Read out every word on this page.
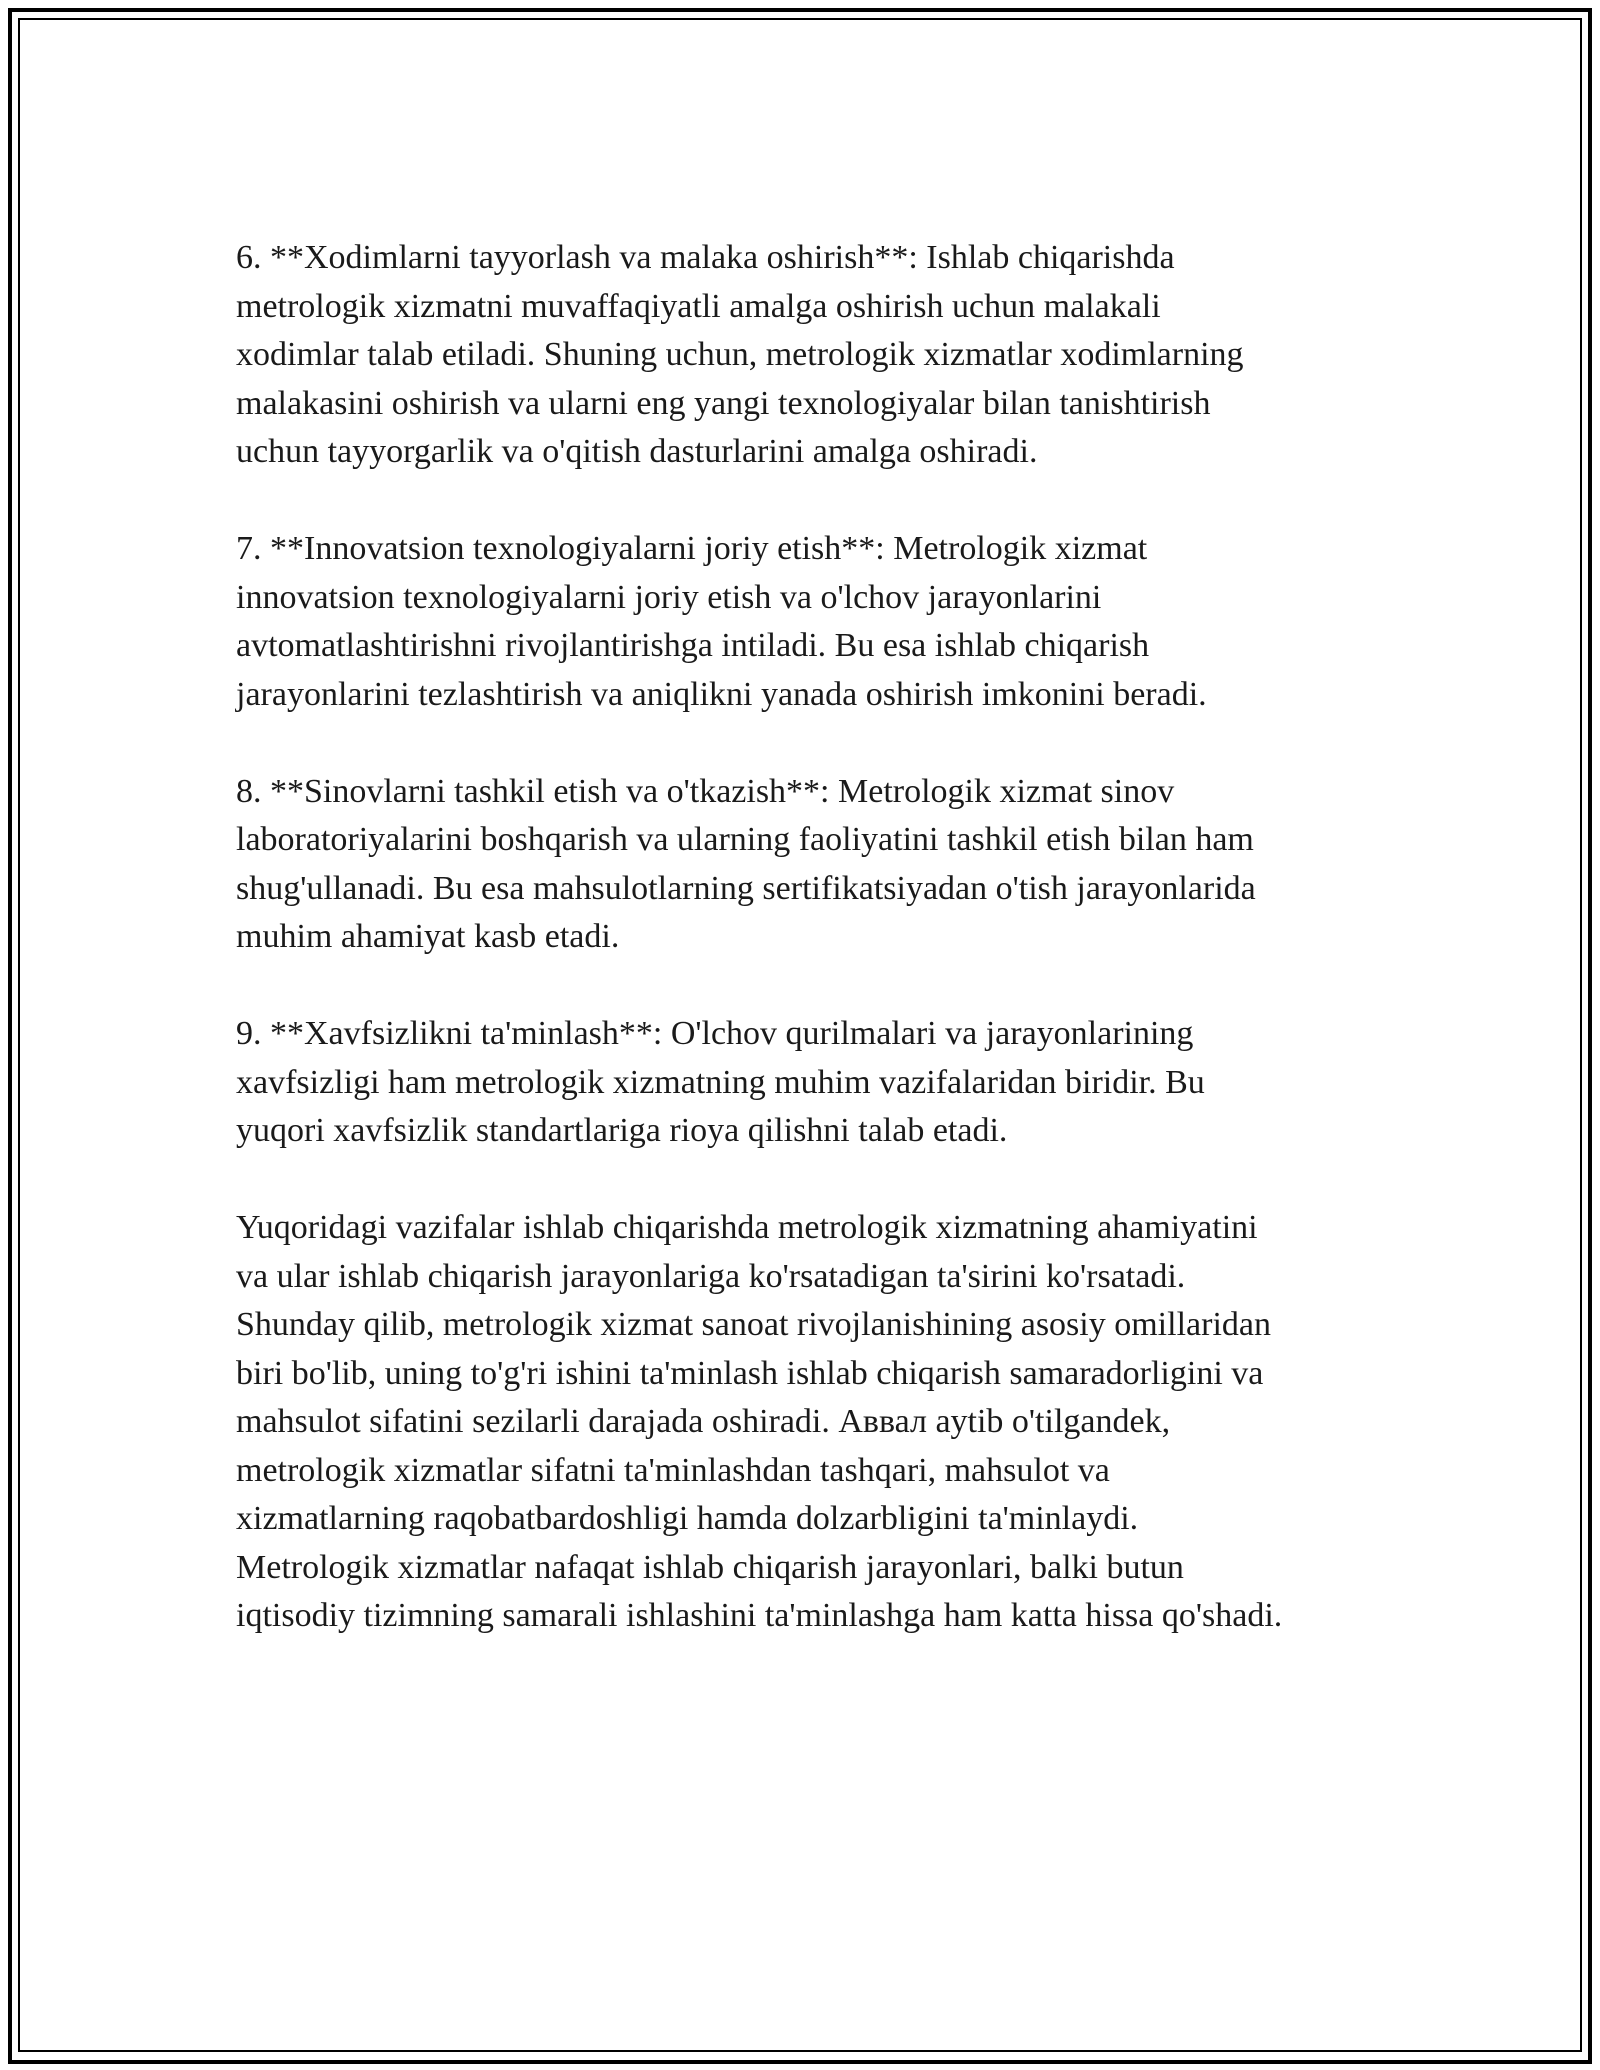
6. **Xodimlarni tayyorlash va malaka oshirish**: Ishlab chiqarishda
metrologik xizmatni muvaffaqiyatli amalga oshirish uchun malakali
xodimlar talab etiladi. Shuning uchun, metrologik xizmatlar xodimlarning
malakasini oshirish va ularni eng yangi texnologiyalar bilan tanishtirish
uchun tayyorgarlik va o'qitish dasturlarini amalga oshiradi.

7. **Innovatsion texnologiyalarni joriy etish**: Metrologik xizmat
innovatsion texnologiyalarni joriy etish va o'lchov jarayonlarini
avtomatlashtirishni rivojlantirishga intiladi. Bu esa ishlab chiqarish
jarayonlarini tezlashtirish va aniqlikni yanada oshirish imkonini beradi.

8. **Sinovlarni tashkil etish va o'tkazish**: Metrologik xizmat sinov
laboratoriyalarini boshqarish va ularning faoliyatini tashkil etish bilan ham
shug'ullanadi. Bu esa mahsulotlarning sertifikatsiyadan o'tish jarayonlarida
muhim ahamiyat kasb etadi.

9. **Xavfsizlikni ta'minlash**: O'lchov qurilmalari va jarayonlarining
xavfsizligi ham metrologik xizmatning muhim vazifalaridan biridir. Bu
yuqori xavfsizlik standartlariga rioya qilishni talab etadi.

Yuqoridagi vazifalar ishlab chiqarishda metrologik xizmatning ahamiyatini
va ular ishlab chiqarish jarayonlariga ko'rsatadigan ta'sirini ko'rsatadi.
Shunday qilib, metrologik xizmat sanoat rivojlanishining asosiy omillaridan
biri bo'lib, uning to'g'ri ishini ta'minlash ishlab chiqarish samaradorligini va
mahsulot sifatini sezilarli darajada oshiradi. Аввал aytib o'tilgandek,
metrologik xizmatlar sifatni ta'minlashdan tashqari, mahsulot va
xizmatlarning raqobatbardoshligi hamda dolzarbligini ta'minlaydi.
Metrologik xizmatlar nafaqat ishlab chiqarish jarayonlari, balki butun
iqtisodiy tizimning samarali ishlashini ta'minlashga ham katta hissa qo'shadi.
